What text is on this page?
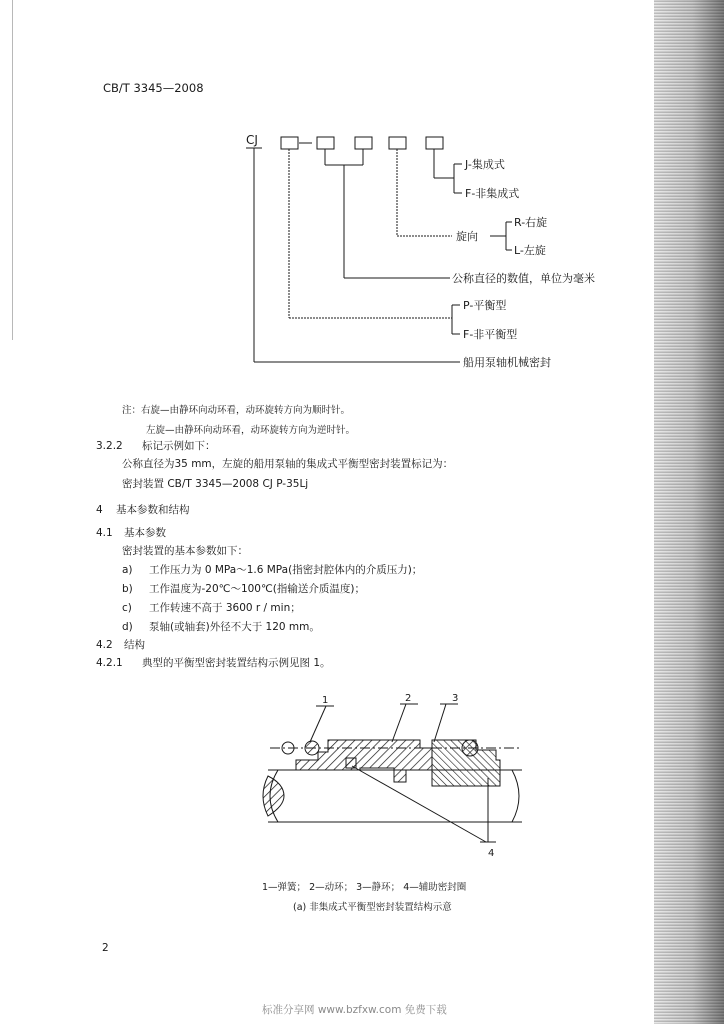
CB/T 3345—2008
CJ
J-集成式
F-非集成式
旋向
R-右旋
L-左旋
公称直径的数值，单位为毫米
P-平衡型
F-非平衡型
船用泵轴机械密封
注：右旋—由静环向动环看，动环旋转方向为顺时针。
左旋—由静环向动环看，动环旋转方向为逆时针。
3.2.2 标记示例如下：
公称直径为35 mm，左旋的船用泵轴的集成式平衡型密封装置标记为：
密封装置 CB/T 3345—2008 CJ P-35Lj
4 基本参数和结构
4.1 基本参数
密封装置的基本参数如下：
a) 工作压力为 0 MPa～1.6 MPa(指密封腔体内的介质压力)；
b) 工作温度为-20℃～100℃(指输送介质温度)；
c) 工作转速不高于 3600 r / min；
d) 泵轴(或轴套)外径不大于 120 mm。
4.2 结构
4.2.1 典型的平衡型密封装置结构示例见图 1。
1	2	3
4
1—弹簧； 2—动环； 3—静环； 4—辅助密封圈
(a) 非集成式平衡型密封装置结构示意
2
标准分享网 www.bzfxw.com 免费下载
